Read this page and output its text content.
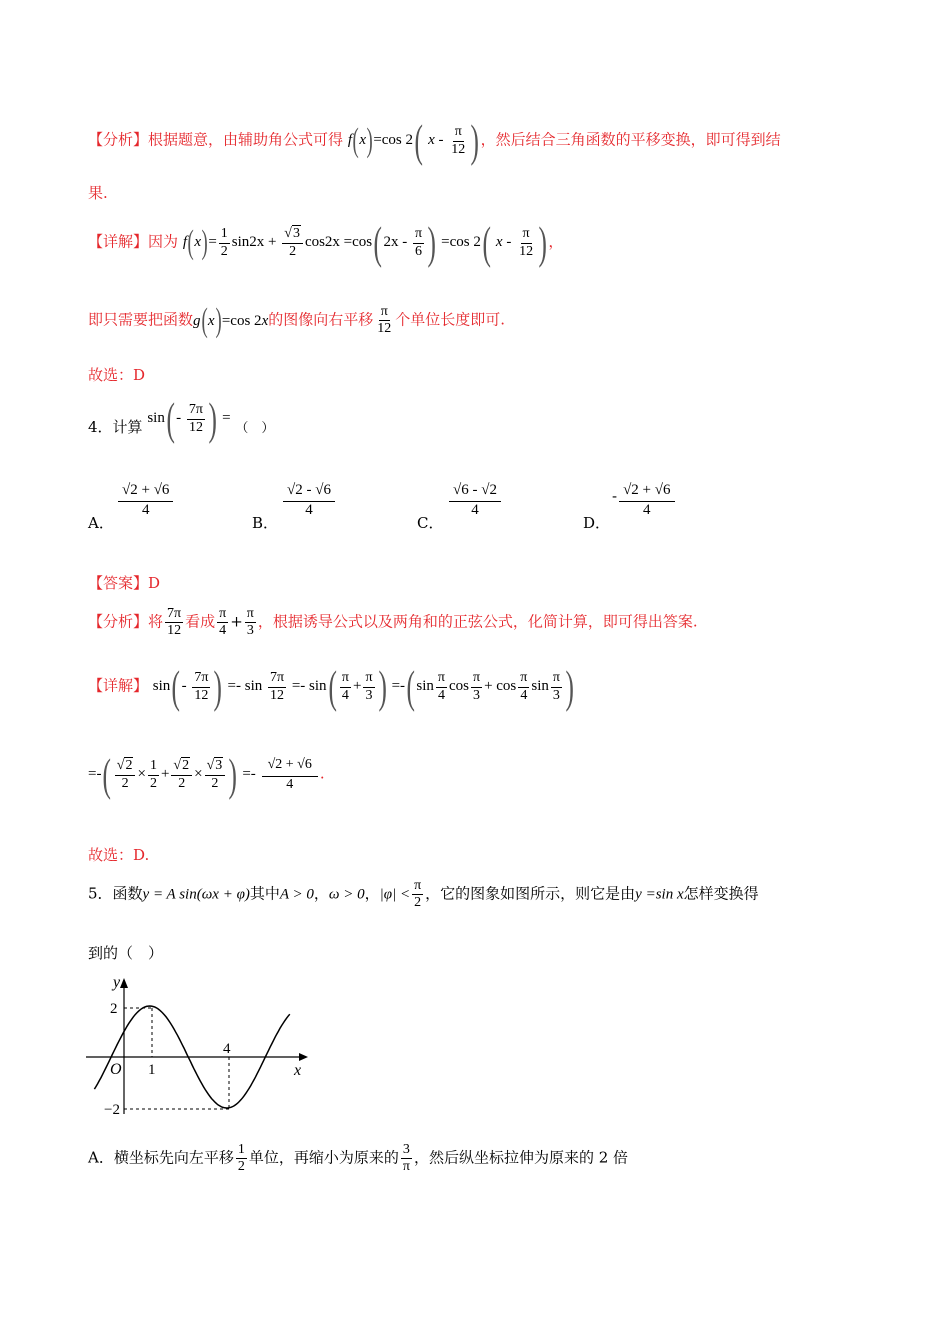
【分析】根据题意，由辅助角公式可得 f(x)=cos 2( x - $\frac{\pi}{12}$ )，然后结合三角函数的平移变换，即可得到结
果.
【详解】因为 $f(x)= \frac{1}{2} \sin 2x + \frac{√3}{2} \cos 2x =\cos(2x - \frac{\pi}{6}$ ) =cos 2( x - $\frac{\pi}{12}$ )，
即只需要把函数g(x)=cos 2x的图像向右平移 $\frac{\pi}{12}$ 个单位长度即可.
故选：D
4．计算 $\sin(- \frac{7\pi}{12}$ ) = （　）
A．
$\frac{√2 + √6}{4}$
B．
$\frac{√2 - √6}{4}$
C．
$\frac{√6 - √2}{4}$
D．
- $\frac{√2 + √6}{4}$
【答案】D
【分析】将 $\frac{7\pi}{12}$ 看成 $\frac{\pi}{4} + \frac{\pi}{3}$ ，根据诱导公式以及两角和的正弦公式，化简计算，即可得出答案.
【详解】 $\sin(- \frac{7\pi}{12}$ ) =- $\sin \frac{7\pi}{12} =- \sin( \frac{\pi}{4} + \frac{\pi}{3}$ ) $=-(\sin \frac{\pi}{4}$ $\cos \frac{\pi}{3} + \cos \frac{\pi}{4}$ $\sin \frac{\pi}{3}$ )
=-( $\frac{√2}{2} \times \frac{1}{2} + \frac{√2}{2} \times \frac{√3}{2}$ ) =- $\frac{√2 + √6}{4}$ .
故选：D.
5．函数y = A sin(ωx + φ)其中A > 0，ω > 0，$|\varphi| < \frac{\pi}{2}$ ，它的图象如图所示，则它是由y =sin x怎样变换得
到的（　）
y
x
O
2
−2
1
4
A．横坐标先向左平移 $\frac{1}{2}$ 单位，再缩小为原来的 $\frac{3}{\pi}$ ，然后纵坐标拉伸为原来的 2 倍
